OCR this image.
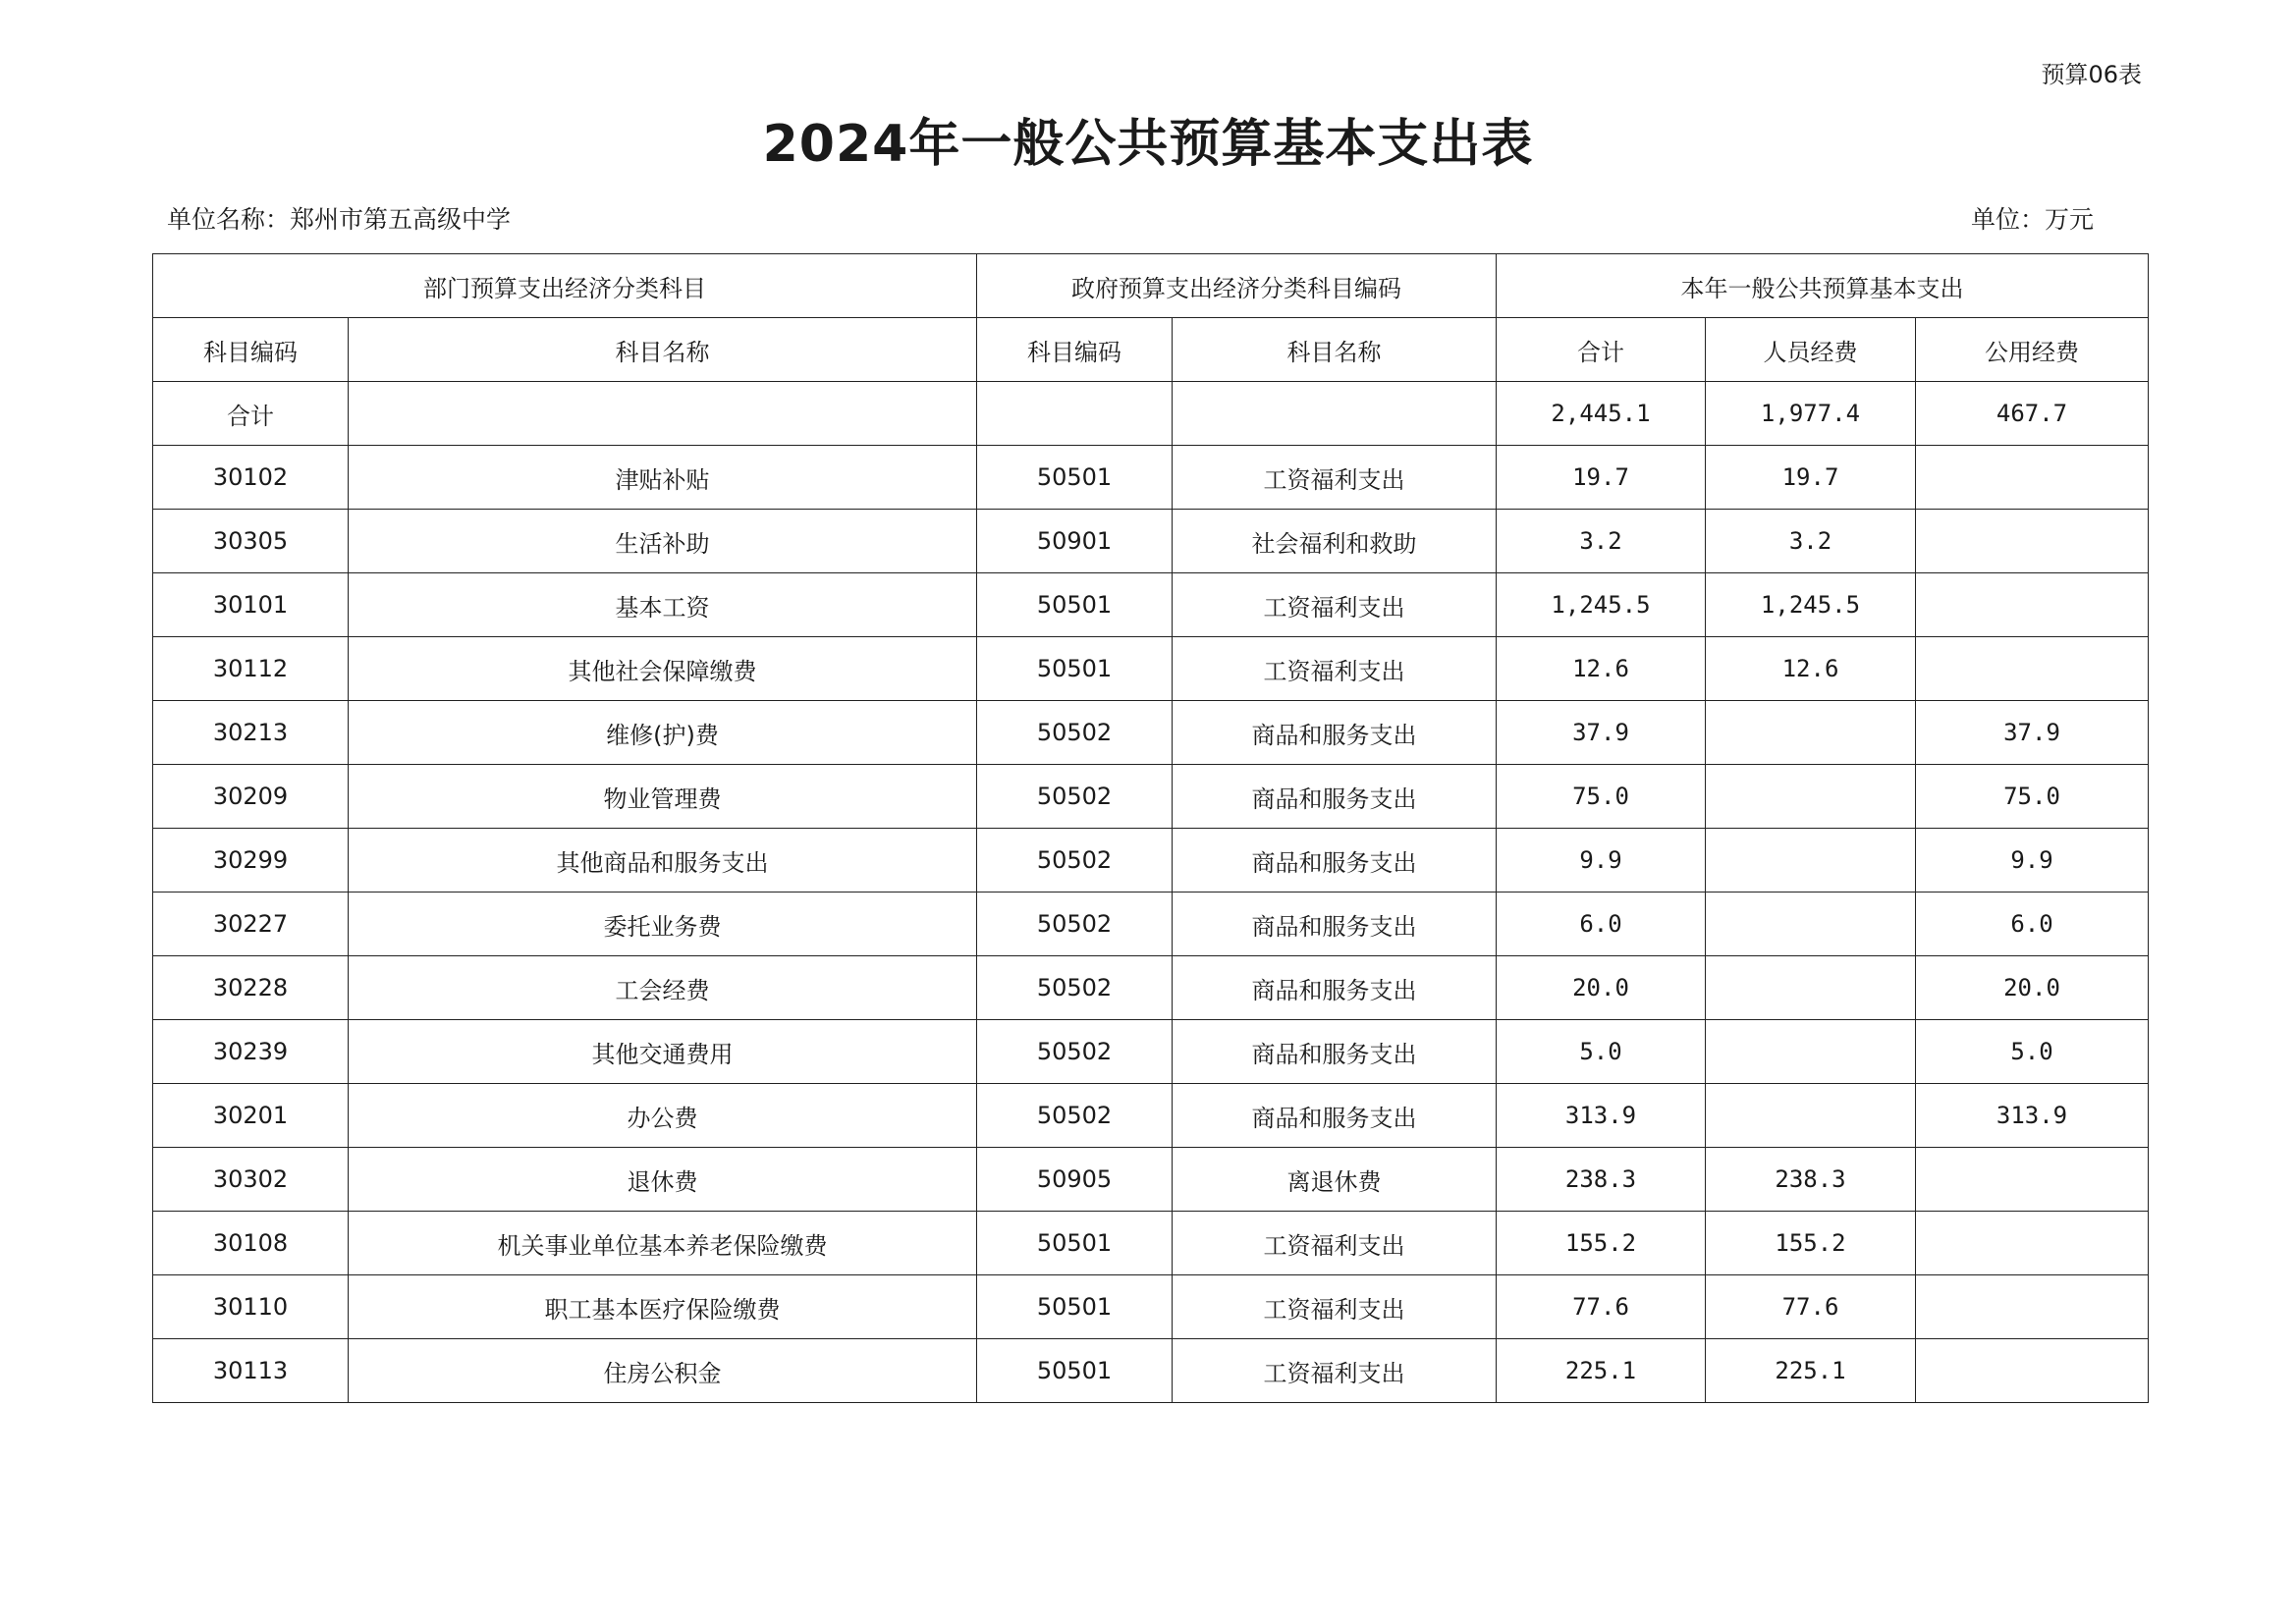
预算06表
2024年一般公共预算基本支出表
单位名称：郑州市第五高级中学	单位：万元
部门预算支出经济分类科目		政府预算支出经济分类科目编码		本年一般公共预算基本支出		
科目编码	科目名称	科目编码	科目名称	合计	人员经费	公用经费
合计				2,445.1	1,977.4	467.7
30102	津贴补贴	50501	工资福利支出	19.7	19.7	
30305	生活补助	50901	社会福利和救助	3.2	3.2	
30101	基本工资	50501	工资福利支出	1,245.5	1,245.5	
30112	其他社会保障缴费	50501	工资福利支出	12.6	12.6	
30213	维修(护)费	50502	商品和服务支出	37.9		37.9
30209	物业管理费	50502	商品和服务支出	75.0		75.0
30299	其他商品和服务支出	50502	商品和服务支出	9.9		9.9
30227	委托业务费	50502	商品和服务支出	6.0		6.0
30228	工会经费	50502	商品和服务支出	20.0		20.0
30239	其他交通费用	50502	商品和服务支出	5.0		5.0
30201	办公费	50502	商品和服务支出	313.9		313.9
30302	退休费	50905	离退休费	238.3	238.3	
30108	机关事业单位基本养老保险缴费	50501	工资福利支出	155.2	155.2	
30110	职工基本医疗保险缴费	50501	工资福利支出	77.6	77.6	
30113	住房公积金	50501	工资福利支出	225.1	225.1	
